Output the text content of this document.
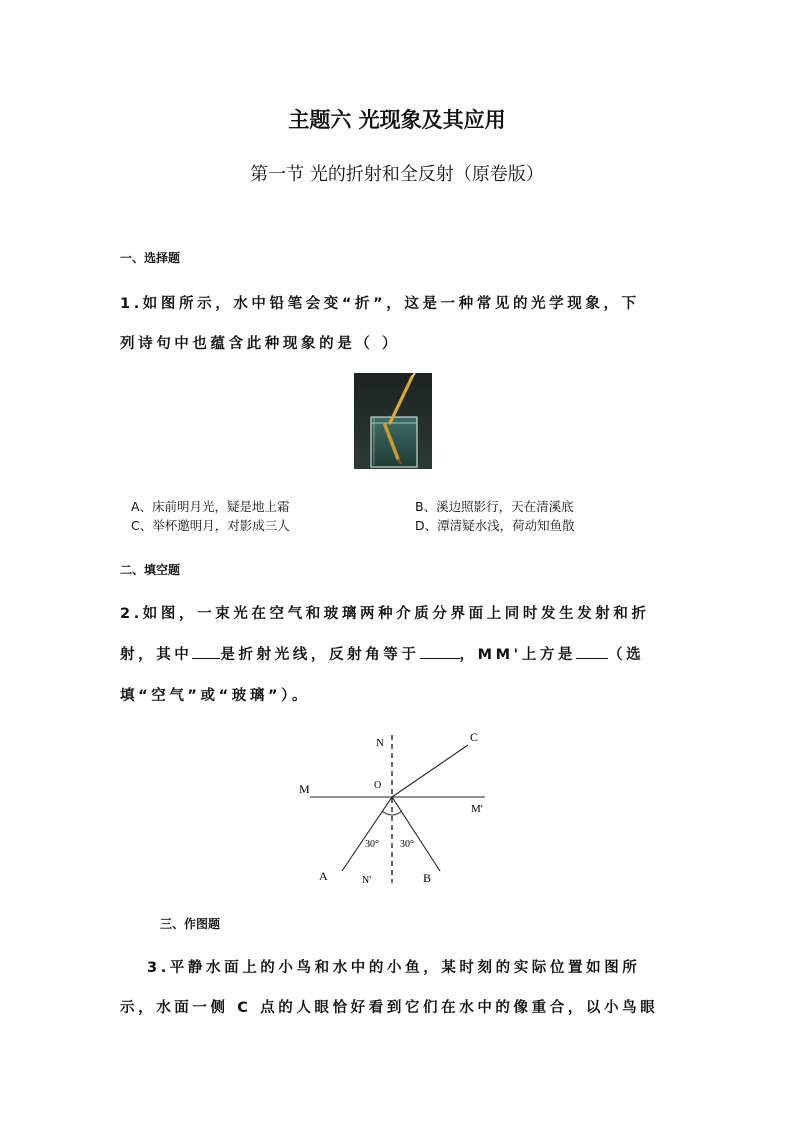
主题六 光现象及其应用
第一节 光的折射和全反射（原卷版）
一、选择题
1.如图所示，水中铅笔会变“折”，这是一种常见的光学现象，下
列诗句中也蕴含此种现象的是（ ）
A、床前明月光，疑是地上霜	B、溪边照影行，天在清溪底
C、举杯邀明月，对影成三人	D、潭清疑水浅，荷动知鱼散
二、填空题
2.如图，一束光在空气和玻璃两种介质分界面上同时发生发射和折
射，其中 是折射光线，反射角等于	，MM'上方是 （选
填“空气”或“玻璃”）。
N	C
M	O
M'
30° 30°
A	N'	B
三、作图题
3.平静水面上的小鸟和水中的小鱼，某时刻的实际位置如图所
示，水面一侧 C 点的人眼恰好看到它们在水中的像重合，以小鸟眼
